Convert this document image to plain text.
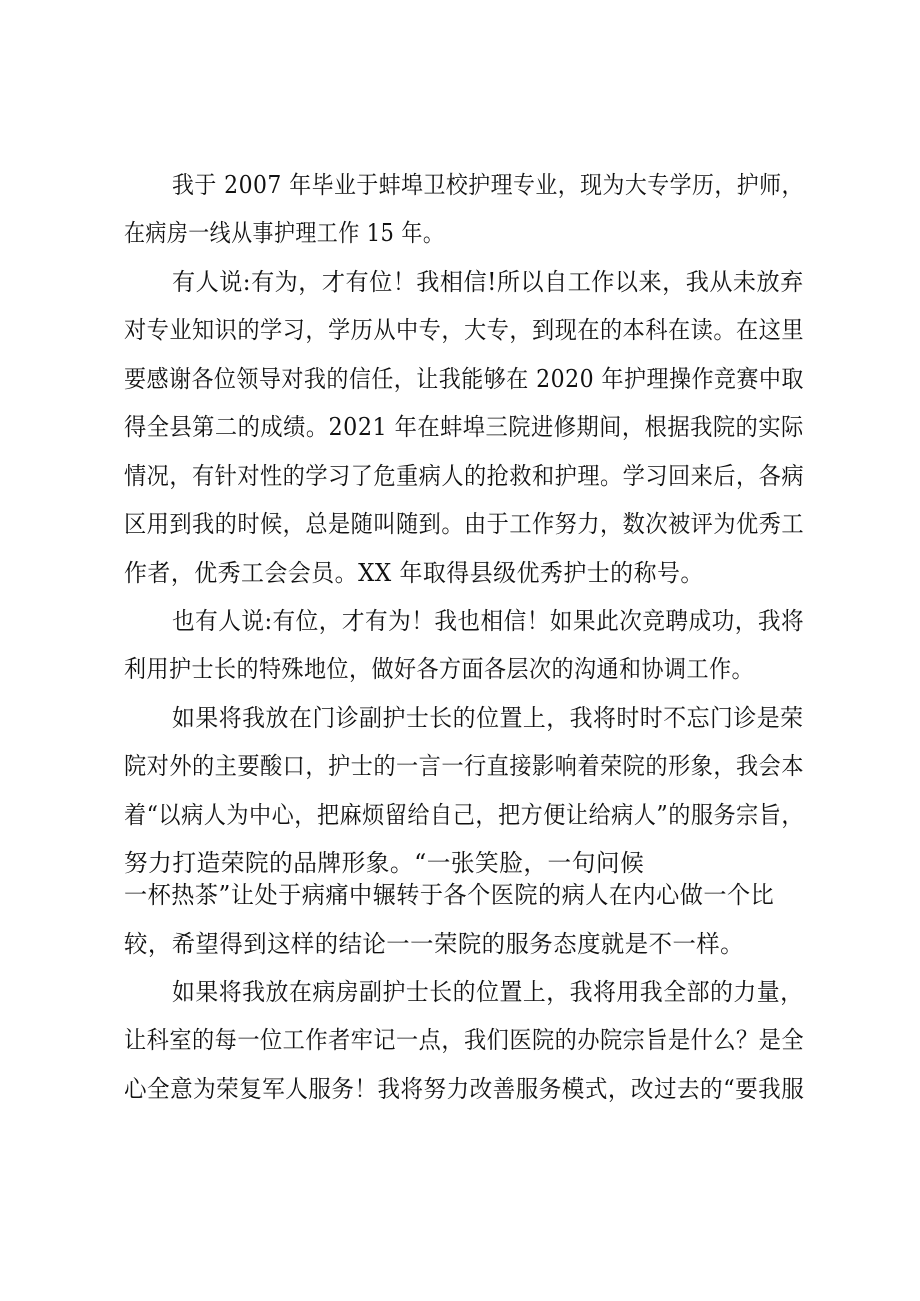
我于 2007 年毕业于蚌埠卫校护理专业，现为大专学历，护师，
在病房一线从事护理工作 15 年。
有人说:有为，才有位！我相信!所以自工作以来，我从未放弃
对专业知识的学习，学历从中专，大专，到现在的本科在读。在这里
要感谢各位领导对我的信任，让我能够在 2020 年护理操作竞赛中取
得全县第二的成绩。2021 年在蚌埠三院进修期间，根据我院的实际
情况，有针对性的学习了危重病人的抢救和护理。学习回来后，各病
区用到我的时候，总是随叫随到。由于工作努力，数次被评为优秀工
作者，优秀工会会员。XX 年取得县级优秀护士的称号。
也有人说:有位，才有为！我也相信！如果此次竞聘成功，我将
利用护士长的特殊地位，做好各方面各层次的沟通和协调工作。
如果将我放在门诊副护士长的位置上，我将时时不忘门诊是荣
院对外的主要酸口，护士的一言一行直接影响着荣院的形象，我会本
着“以病人为中心，把麻烦留给自己，把方便让给病人”的服务宗旨，
努力打造荣院的品牌形象。“一张笑脸，一句问候
一杯热茶”让处于病痛中辗转于各个医院的病人在内心做一个比
较，希望得到这样的结论一一荣院的服务态度就是不一样。
如果将我放在病房副护士长的位置上，我将用我全部的力量，
让科室的每一位工作者牢记一点，我们医院的办院宗旨是什么？是全
心全意为荣复军人服务！我将努力改善服务模式，改过去的“要我服
